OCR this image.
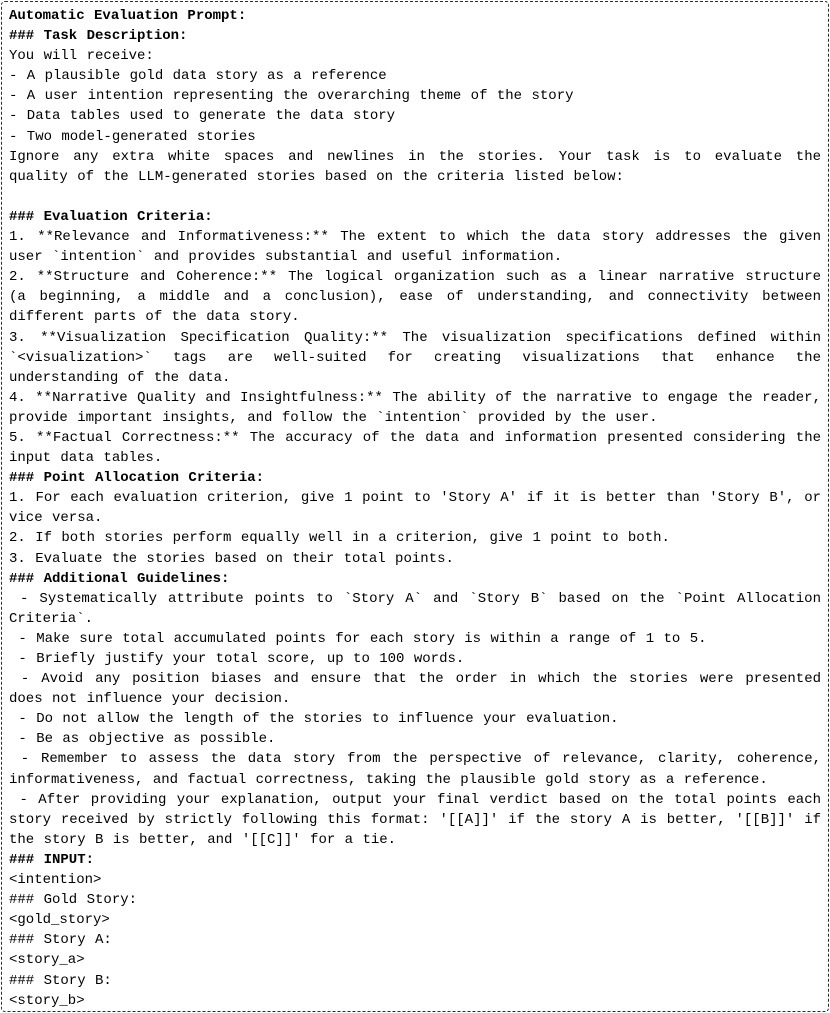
Automatic Evaluation Prompt:

### Task Description:

You will receive:

- A plausible gold data story as a reference

- A user intention representing the overarching theme of the story

- Data tables used to generate the data story

- Two model-generated stories

Ignore any extra white spaces and newlines in the stories. Your task is to evaluate the quality of the LLM-generated stories based on the criteria listed below:

### Evaluation Criteria:

1. **Relevance and Informativeness:** The extent to which the data story addresses the given user `intention` and provides substantial and useful information.

2. **Structure and Coherence:** The logical organization such as a linear narrative structure (a beginning, a middle and a conclusion), ease of understanding, and connectivity between different parts of the data story.

3. **Visualization Specification Quality:** The visualization specifications defined within `<visualization>` tags are well-suited for creating visualizations that enhance the understanding of the data.

4. **Narrative Quality and Insightfulness:** The ability of the narrative to engage the reader, provide important insights, and follow the `intention` provided by the user.

5. **Factual Correctness:** The accuracy of the data and information presented considering the input data tables.

### Point Allocation Criteria:

1. For each evaluation criterion, give 1 point to 'Story A' if it is better than 'Story B', or vice versa.

2. If both stories perform equally well in a criterion, give 1 point to both.

3. Evaluate the stories based on their total points.

### Additional Guidelines:

- Systematically attribute points to `Story A` and `Story B` based on the `Point Allocation Criteria`.

- Make sure total accumulated points for each story is within a range of 1 to 5.

- Briefly justify your total score, up to 100 words.

- Avoid any position biases and ensure that the order in which the stories were presented does not influence your decision.

- Do not allow the length of the stories to influence your evaluation.

- Be as objective as possible.

- Remember to assess the data story from the perspective of relevance, clarity, coherence, informativeness, and factual correctness, taking the plausible gold story as a reference.

- After providing your explanation, output your final verdict based on the total points each story received by strictly following this format: '[[A]]' if the story A is better, '[[B]]' if the story B is better, and '[[C]]' for a tie.

### INPUT:

<intention>

### Gold Story:

<gold_story>

### Story A:

<story_a>

### Story B:

<story_b>
